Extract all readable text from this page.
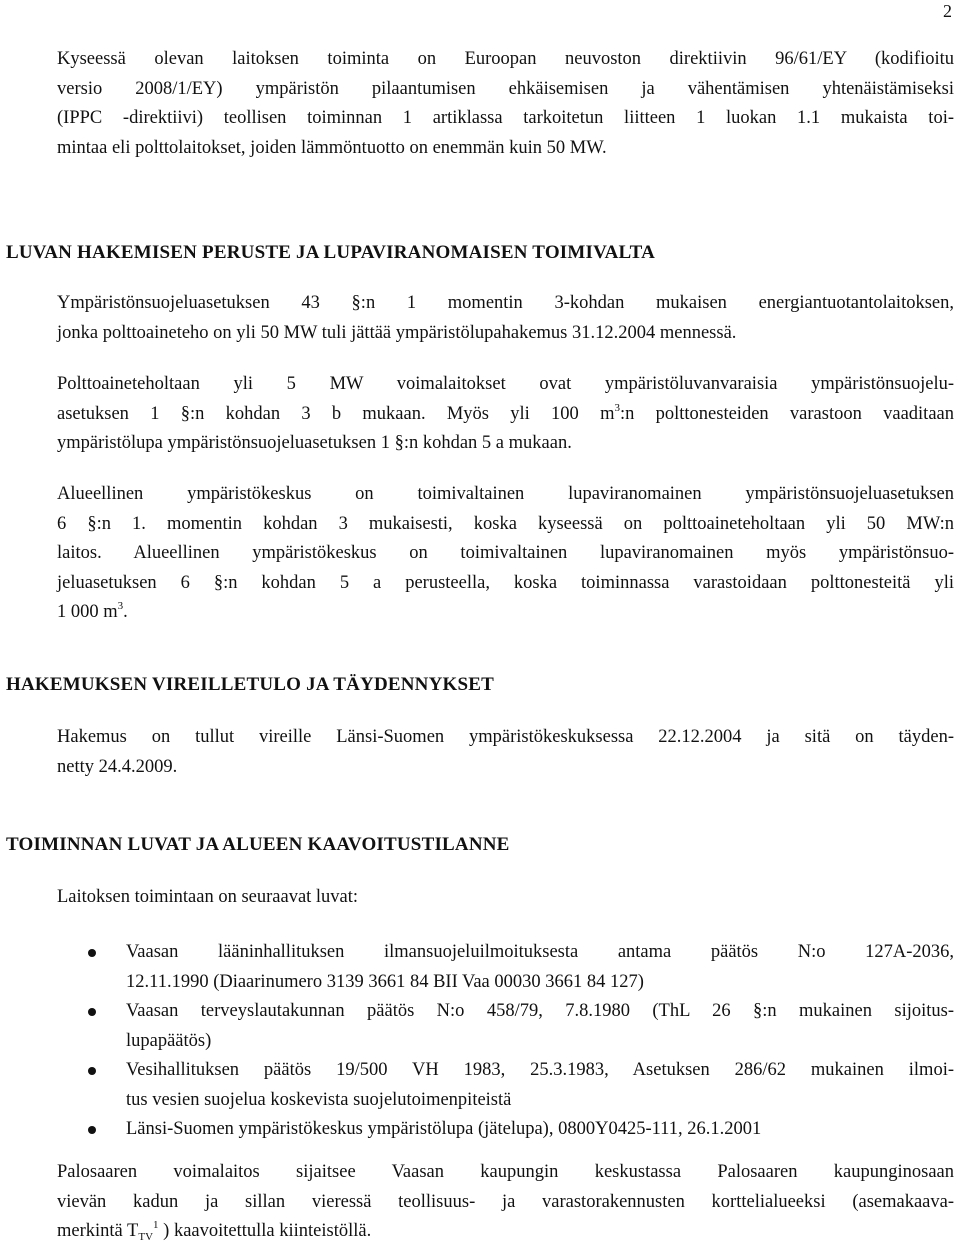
2
Kyseessä olevan laitoksen toiminta on Euroopan neuvoston direktiivin 96/61/EY (kodifioitu
versio 2008/1/EY) ympäristön pilaantumisen ehkäisemisen ja vähentämisen yhtenäistämiseksi
(IPPC -direktiivi) teollisen toiminnan 1 artiklassa tarkoitetun liitteen 1 luokan 1.1 mukaista toi-
mintaa eli polttolaitokset, joiden lämmöntuotto on enemmän kuin 50 MW.
LUVAN HAKEMISEN PERUSTE JA LUPAVIRANOMAISEN TOIMIVALTA
Ympäristönsuojeluasetuksen 43 §:n 1 momentin 3-kohdan mukaisen energiantuotantolaitoksen,
jonka polttoaineteho on yli 50 MW tuli jättää ympäristölupahakemus 31.12.2004 mennessä.
Polttoaineteholtaan yli 5 MW voimalaitokset ovat ympäristöluvanvaraisia ympäristönsuojelu-
asetuksen 1 §:n kohdan 3 b mukaan. Myös yli 100 $m^3:n$ polttonesteiden varastoon vaaditaan
ympäristölupa ympäristönsuojeluasetuksen 1 §:n kohdan 5 a mukaan.
Alueellinen ympäristökeskus on toimivaltainen lupaviranomainen ympäristönsuojeluasetuksen
6 §:n 1. momentin kohdan 3 mukaisesti, koska kyseessä on polttoaineteholtaan yli 50 MW:n
laitos. Alueellinen ympäristökeskus on toimivaltainen lupaviranomainen myös ympäristönsuo-
jeluasetuksen 6 §:n kohdan 5 a perusteella, koska toiminnassa varastoidaan polttonesteitä yli
1 000 $m^3$.
HAKEMUKSEN VIREILLETULO JA TÄYDENNYKSET
Hakemus on tullut vireille Länsi-Suomen ympäristökeskuksessa 22.12.2004 ja sitä on täyden-
netty 24.4.2009.
TOIMINNAN LUVAT JA ALUEEN KAAVOITUSTILANNE
Laitoksen toimintaan on seuraavat luvat:
Vaasan lääninhallituksen ilmansuojeluilmoituksesta antama päätös N:o 127A-2036,
12.11.1990 (Diaarinumero 3139 3661 84 BII Vaa 00030 3661 84 127)
Vaasan terveyslautakunnan päätös N:o 458/79, 7.8.1980 (ThL 26 §:n mukainen sijoitus-
lupapäätös)
Vesihallituksen päätös 19/500 VH 1983, 25.3.1983, Asetuksen 286/62 mukainen ilmoi-
tus vesien suojelua koskevista suojelutoimenpiteistä
Länsi-Suomen ympäristökeskus ympäristölupa (jätelupa), 0800Y0425-111, 26.1.2001
Palosaaren voimalaitos sijaitsee Vaasan kaupungin keskustassa Palosaaren kaupunginosaan
vievän kadun ja sillan vieressä teollisuus- ja varastorakennusten korttelialueeksi (asemakaava-
merkintä $T_{TV}^1$ ) kaavoitettulla kiinteistöllä.
